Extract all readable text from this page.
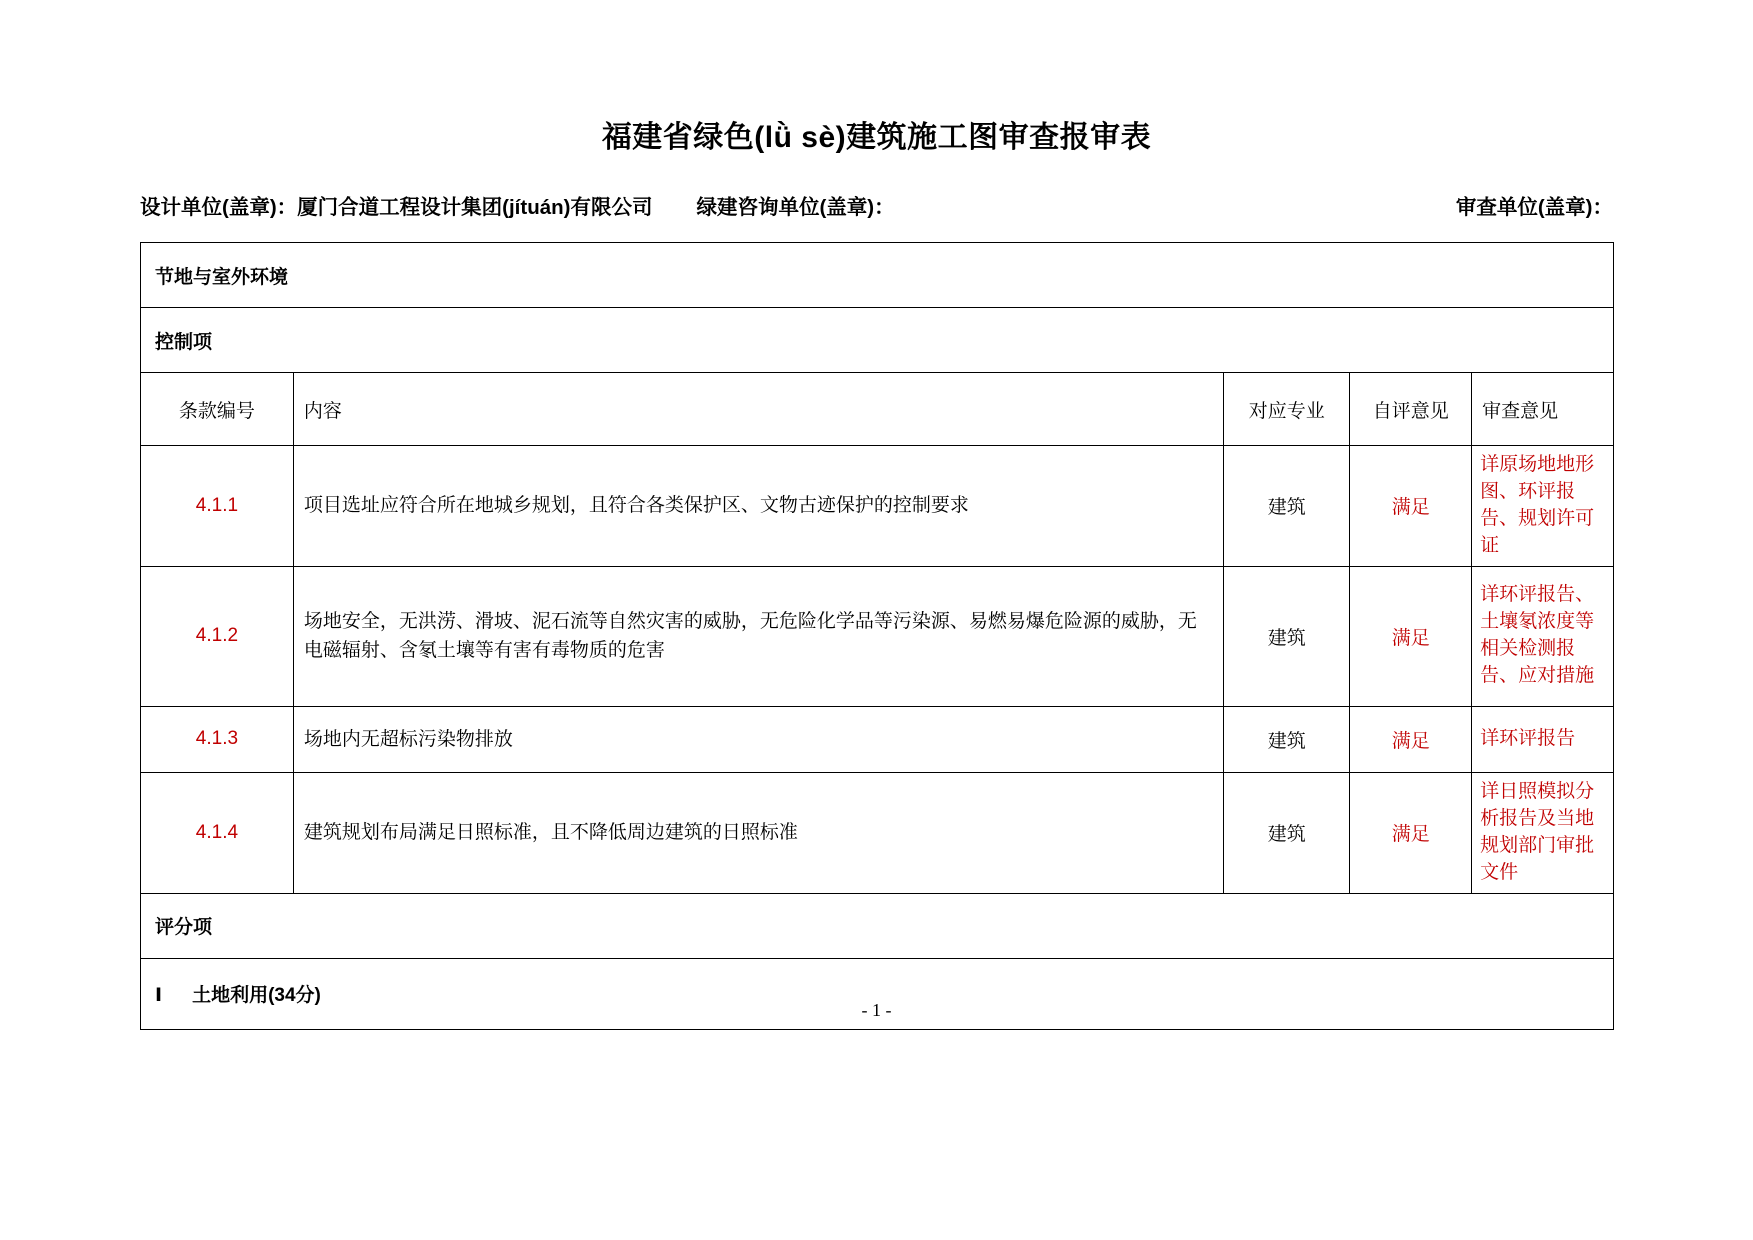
福建省绿色(lǜ sè)建筑施工图审查报审表
设计单位(盖章)：厦门合道工程设计集团(jítuán)有限公司 绿建咨询单位(盖章)：	审查单位(盖章)：
节地与室外环境				
控制项				
条款编号	内容	对应专业	自评意见	审查意见
4.1.1	项目选址应符合所在地城乡规划，且符合各类保护区、文物古迹保护的控制要求	建筑	满足	详原场地地形图、环评报告、规划许可证
4.1.2	场地安全，无洪涝、滑坡、泥石流等自然灾害的威胁，无危险化学品等污染源、易燃易爆危险源的威胁，无电磁辐射、含氡土壤等有害有毒物质的危害	建筑	满足	详环评报告、土壤氡浓度等相关检测报告、应对措施
4.1.3	场地内无超标污染物排放	建筑	满足	详环评报告
4.1.4	建筑规划布局满足日照标准，且不降低周边建筑的日照标准	建筑	满足	详日照模拟分析报告及当地规划部门审批文件
评分项				
Ⅰ 土地利用(34分)				
- 1 -
